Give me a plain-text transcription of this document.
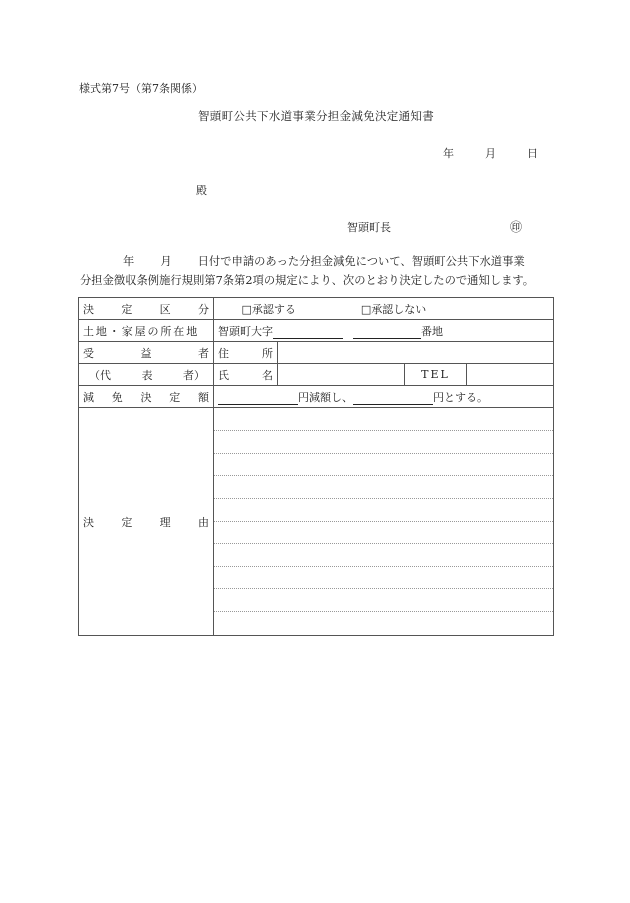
様式第7号（第7条関係）
智頭町公共下水道事業分担金減免決定通知書
年	月	日
殿
智頭町長	㊞
年 月 日付で申請のあった分担金減免について、智頭町公共下水道事業
分担金徴収条例施行規則第7条第2項の規定により、次のとおり決定したので通知します。
決 定 区 分	□承認する □承認しない			
土地・家屋の所在地	智頭町大字 番地			

受 益 者	住 所			

（代 表 者）	氏 名		TEL	

減 免 決 定 額	円減額し、 円とする。			

決 定 理 由				
